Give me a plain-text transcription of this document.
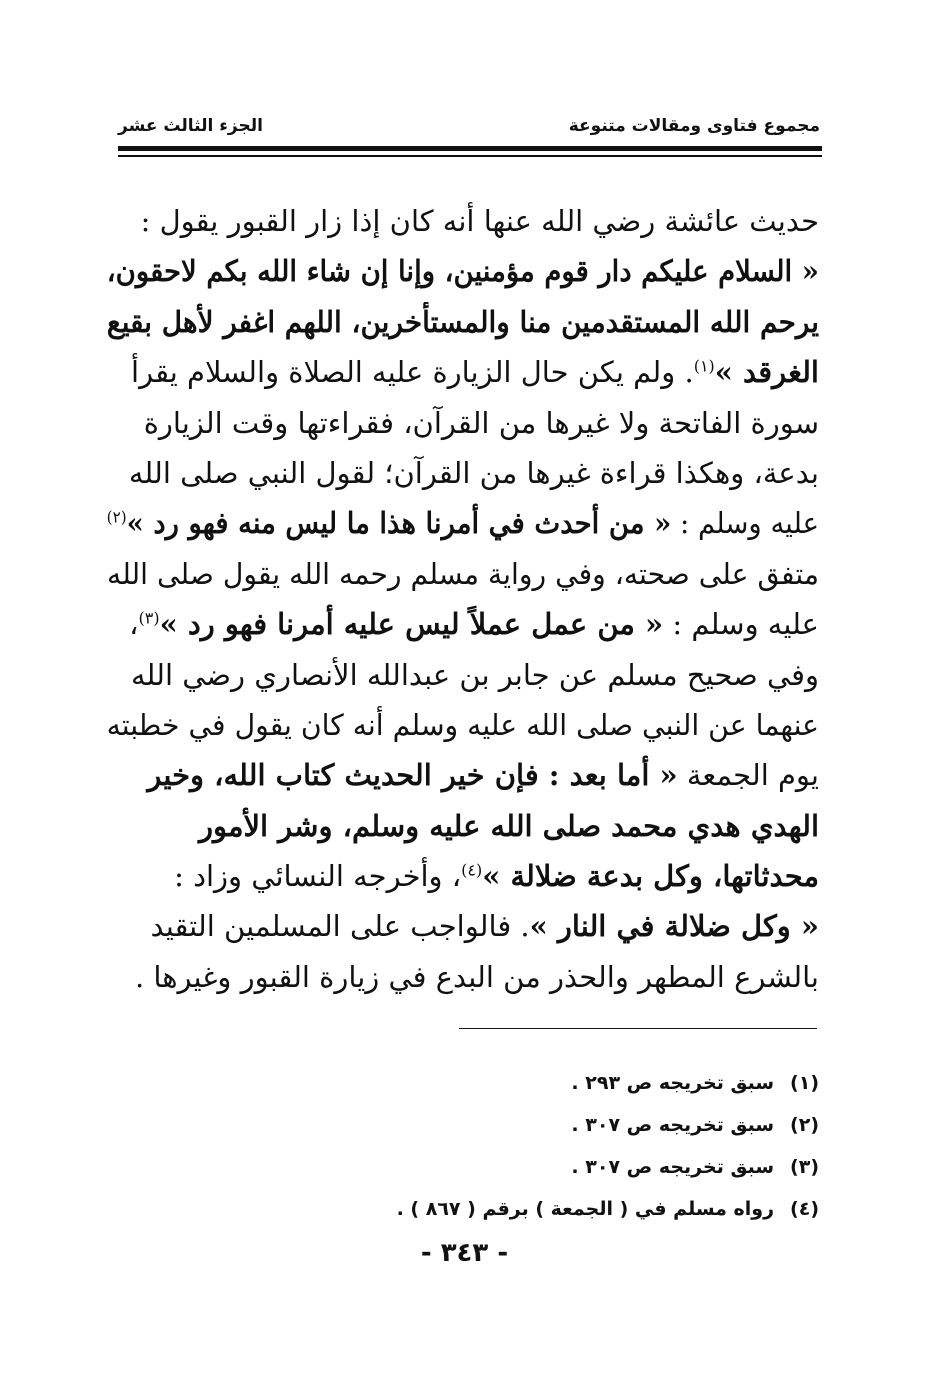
مجموع فتاوى ومقالات متنوعة
الجزء الثالث عشر
حديث عائشة رضي الله عنها أنه كان إذا زار القبور يقول :
« السلام عليكم دار قوم مؤمنين، وإنا إن شاء الله بكم لاحقون،
يرحم الله المستقدمين منا والمستأخرين، اللهم اغفر لأهل بقيع
الغرقد »$^{(١)}$. ولم يكن حال الزيارة عليه الصلاة والسلام يقرأ
سورة الفاتحة ولا غيرها من القرآن، فقراءتها وقت الزيارة
بدعة، وهكذا قراءة غيرها من القرآن؛ لقول النبي صلى الله
عليه وسلم : « من أحدث في أمرنا هذا ما ليس منه فهو رد »$^{(٢)}$
متفق على صحته، وفي رواية مسلم رحمه الله يقول صلى الله
عليه وسلم : « من عمل عملاً ليس عليه أمرنا فهو رد »$^{(٣)}$،
وفي صحيح مسلم عن جابر بن عبدالله الأنصاري رضي الله
عنهما عن النبي صلى الله عليه وسلم أنه كان يقول في خطبته
يوم الجمعة « أما بعد : فإن خير الحديث كتاب الله، وخير
الهدي هدي محمد صلى الله عليه وسلم، وشر الأمور
محدثاتها، وكل بدعة ضلالة »$^{(٤)}$، وأخرجه النسائي وزاد :
« وكل ضلالة في النار ». فالواجب على المسلمين التقيد
بالشرع المطهر والحذر من البدع في زيارة القبور وغيرها .
(١)سبق تخريجه ص ٢٩٣ .
(٢)سبق تخريجه ص ٣٠٧ .
(٣)سبق تخريجه ص ٣٠٧ .
(٤)رواه مسلم في ( الجمعة ) برقم ( ٨٦٧ ) .
- ٣٤٣ -
